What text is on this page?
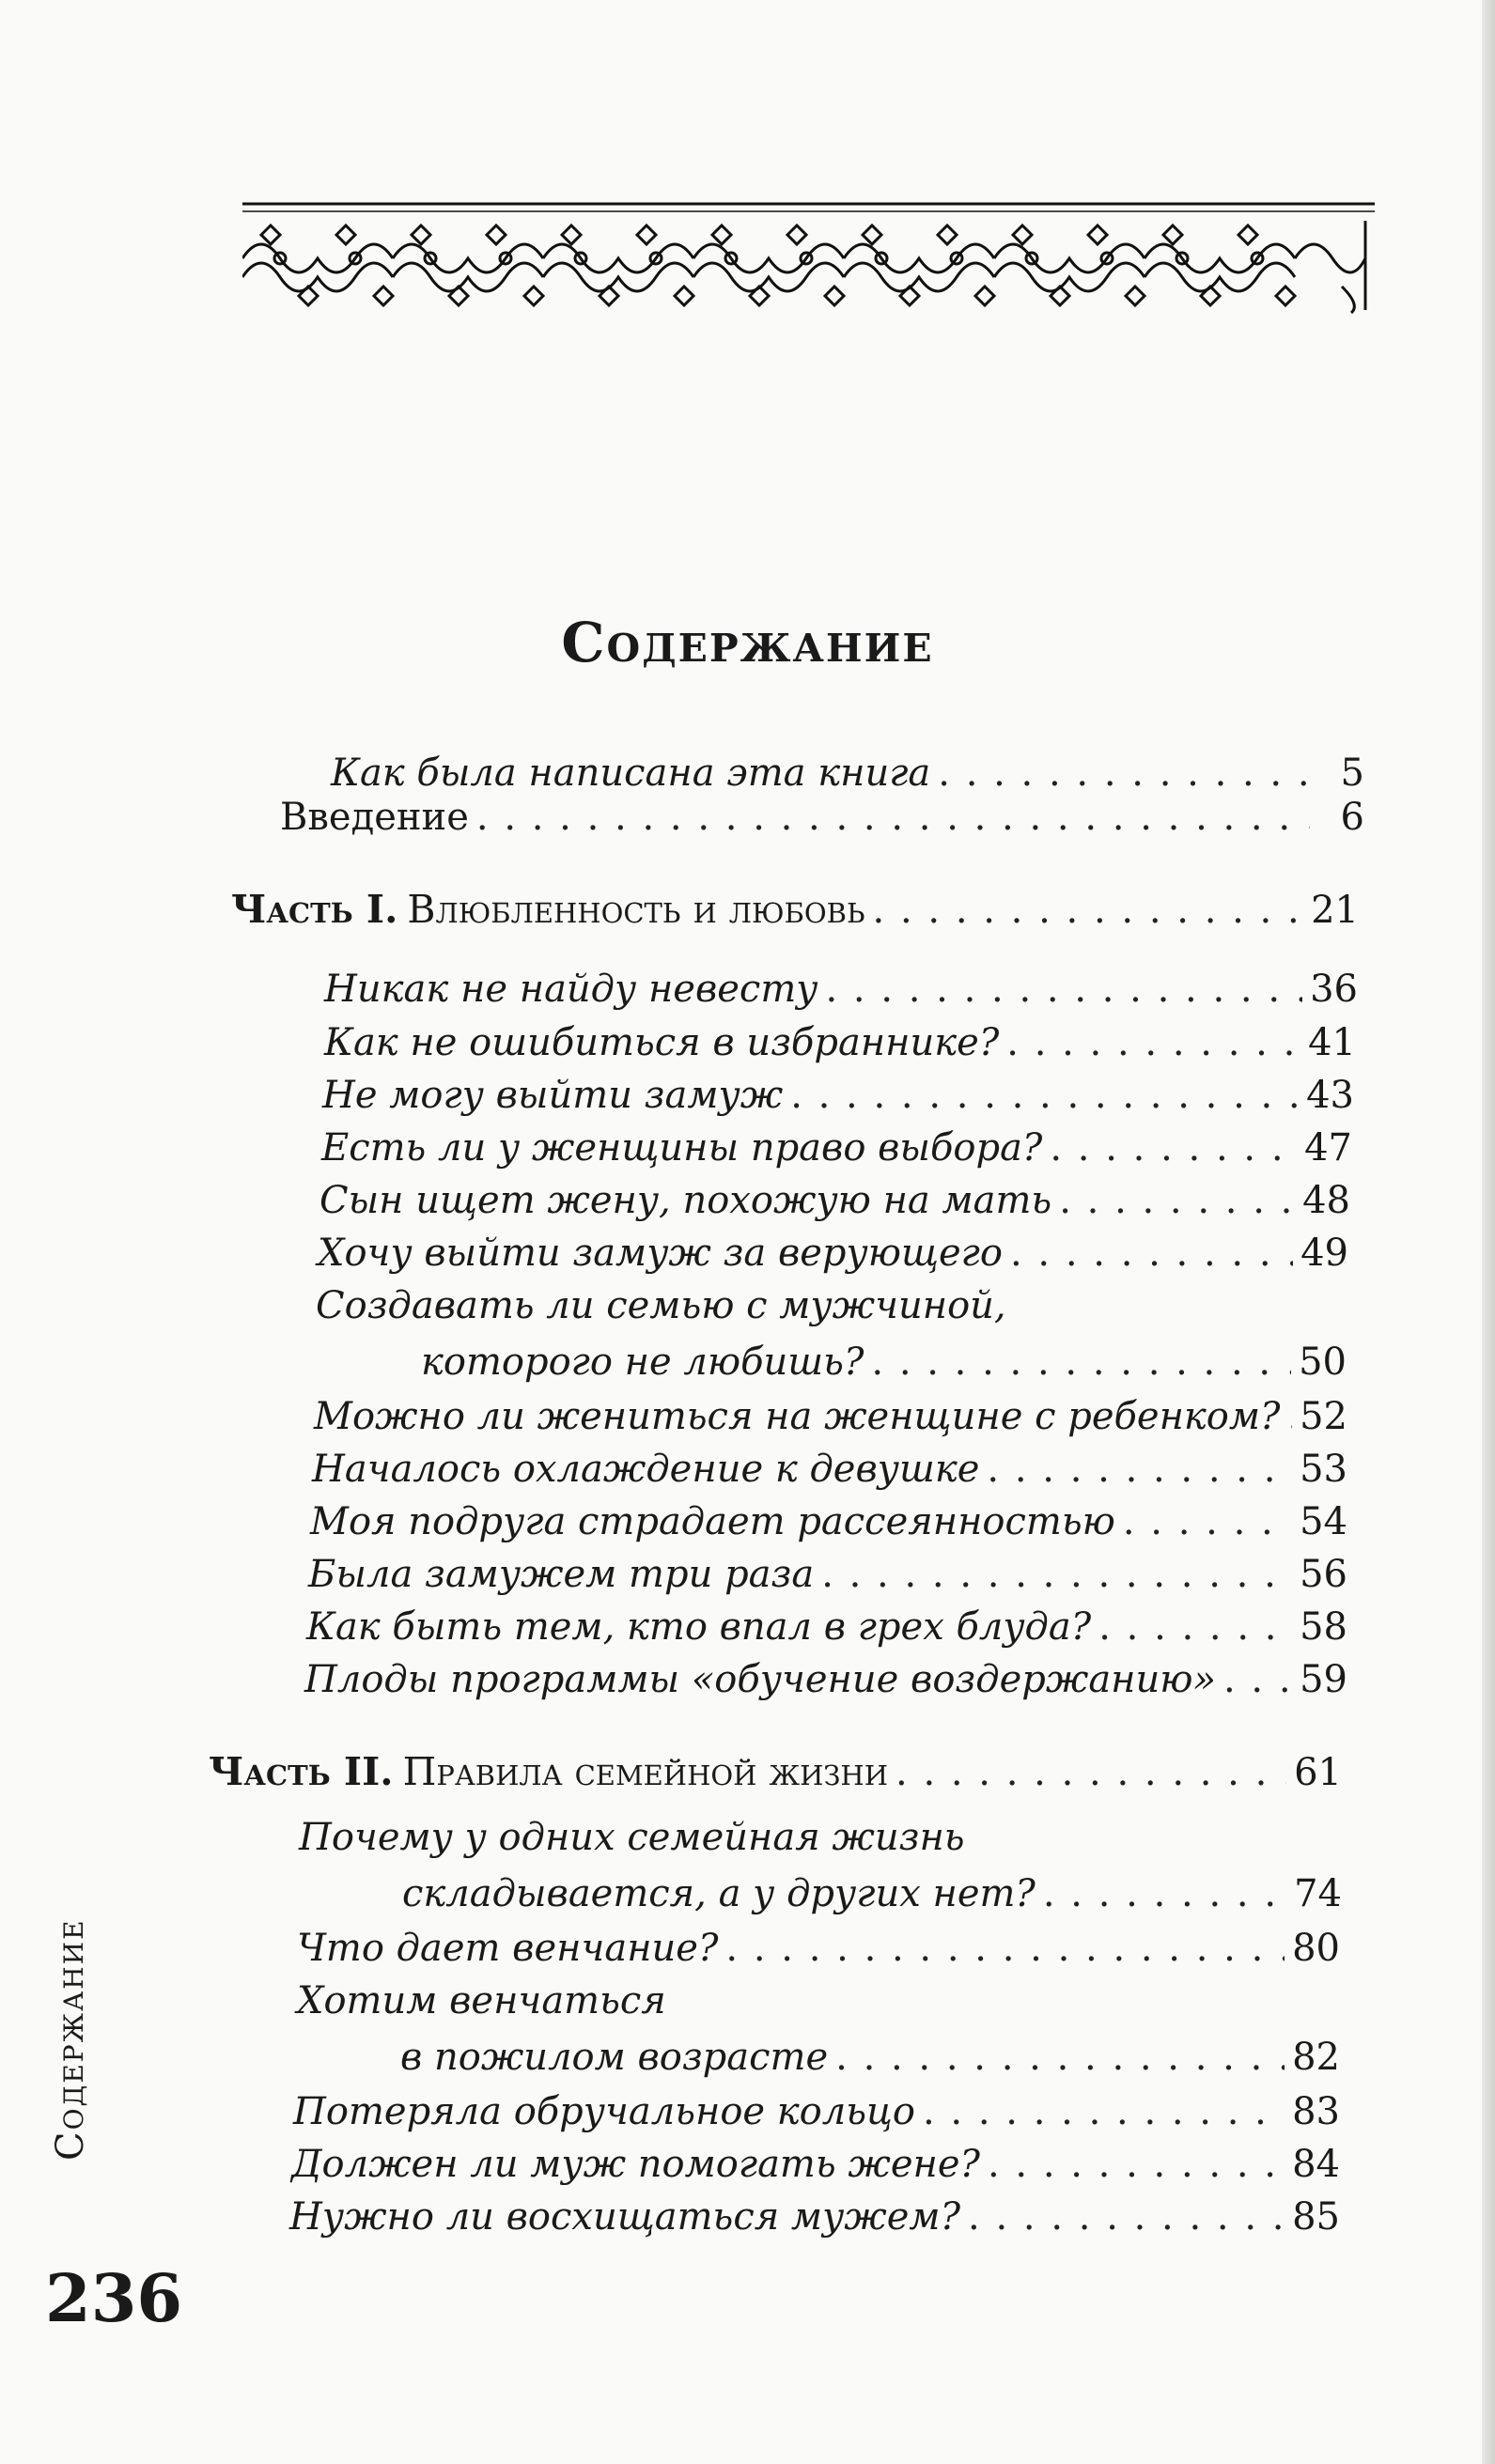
Содержание
Как была написана эта книга . . .	5
Введение . . .	6
Часть I. Влюбленность и любовь . . .	21
Никак не найду невесту . . .	36
Как не ошибиться в избраннике? . . .	41
Не могу выйти замуж . . .	43
Есть ли у женщины право выбора? . . .	47
Сын ищет жену, похожую на мать . . .	48
Хочу выйти замуж за верующего . . .	49
Создавать ли семью с мужчиной,
которого не любишь? . . .	50
Можно ли жениться на женщине с ребенком? . . . 52
Началось охлаждение к девушке . . .	53
Моя подруга страдает рассеянностью . . .	54
Была замужем три раза . . .	56
Как быть тем, кто впал в грех блуда? . . .	58
Плоды программы «обучение воздержанию» . . . 59
Часть II. Правила семейной жизни . . .	61
Почему у одних семейная жизнь
складывается, а у других нет? . . .	74
Что дает венчание? . . .	80
Хотим венчаться
в пожилом возрасте . . .	82
Потеряла обручальное кольцо . . .	83
Должен ли муж помогать жене? . . .	84
Нужно ли восхищаться мужем? . . .	85
Содержание
236
